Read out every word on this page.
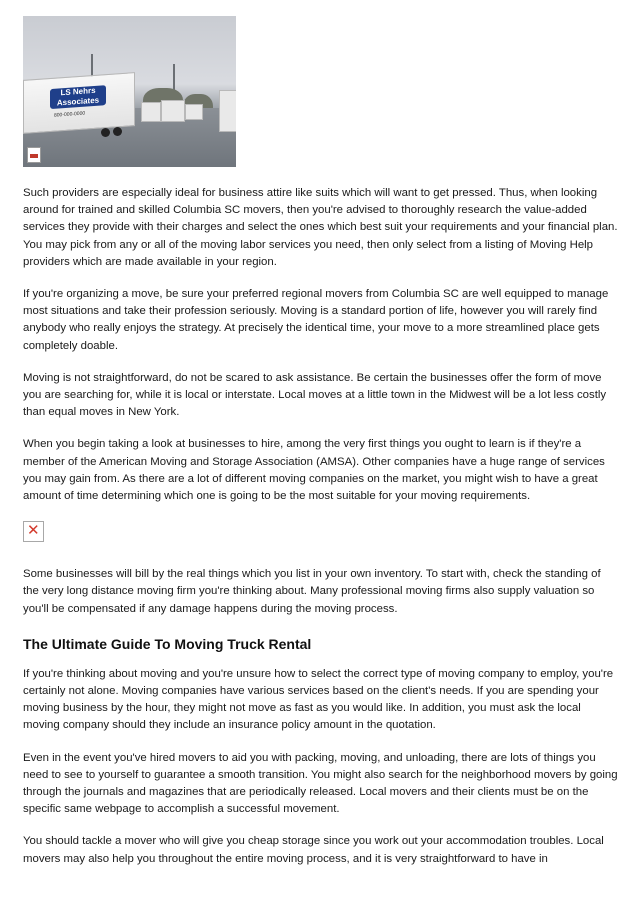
LS Nehrs Associates
800-000-0000

Such providers are especially ideal for business attire like suits which will want to get pressed. Thus, when looking around for trained and skilled Columbia SC movers, then you're advised to thoroughly research the value-added services they provide with their charges and select the ones which best suit your requirements and your financial plan. You may pick from any or all of the moving labor services you need, then only select from a listing of Moving Help providers which are made available in your region.

If you're organizing a move, be sure your preferred regional movers from Columbia SC are well equipped to manage most situations and take their profession seriously. Moving is a standard portion of life, however you will rarely find anybody who really enjoys the strategy. At precisely the identical time, your move to a more streamlined place gets completely doable.

Moving is not straightforward, do not be scared to ask assistance. Be certain the businesses offer the form of move you are searching for, while it is local or interstate. Local moves at a little town in the Midwest will be a lot less costly than equal moves in New York.

When you begin taking a look at businesses to hire, among the very first things you ought to learn is if they're a member of the American Moving and Storage Association (AMSA). Other companies have a huge range of services you may gain from. As there are a lot of different moving companies on the market, you might wish to have a great amount of time determining which one is going to be the most suitable for your moving requirements.

✕

Some businesses will bill by the real things which you list in your own inventory. To start with, check the standing of the very long distance moving firm you're thinking about. Many professional moving firms also supply valuation so you'll be compensated if any damage happens during the moving process.

The Ultimate Guide To Moving Truck Rental

If you're thinking about moving and you're unsure how to select the correct type of moving company to employ, you're certainly not alone. Moving companies have various services based on the client's needs. If you are spending your moving business by the hour, they might not move as fast as you would like. In addition, you must ask the local moving company should they include an insurance policy amount in the quotation.

Even in the event you've hired movers to aid you with packing, moving, and unloading, there are lots of things you need to see to yourself to guarantee a smooth transition. You might also search for the neighborhood movers by going through the journals and magazines that are periodically released. Local movers and their clients must be on the specific same webpage to accomplish a successful movement.

You should tackle a mover who will give you cheap storage since you work out your accommodation troubles. Local movers may also help you throughout the entire moving process, and it is very straightforward to have in
